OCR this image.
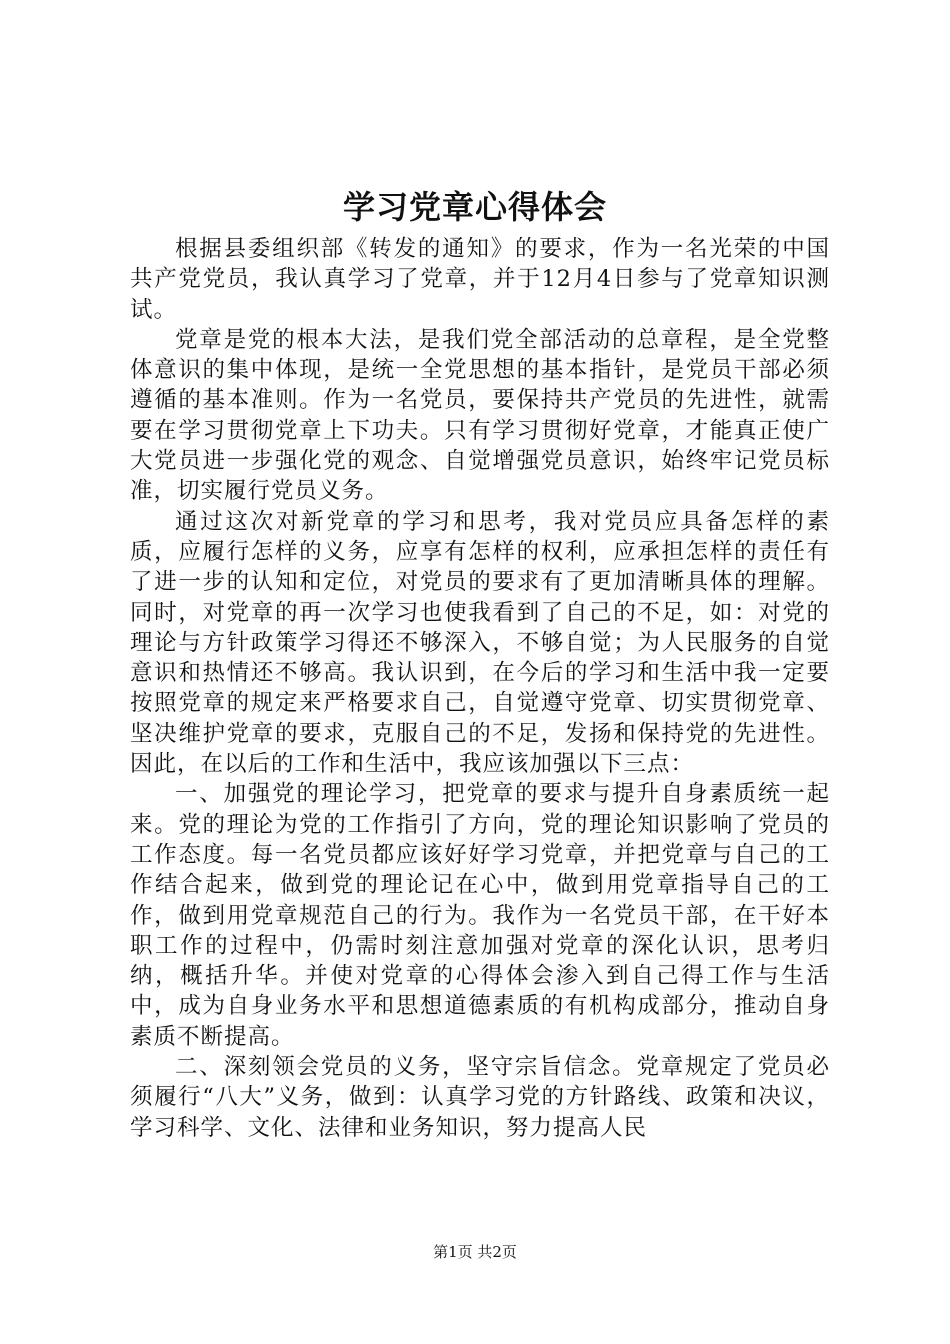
学习党章心得体会

根据县委组织部《转发的通知》的要求，作为一名光荣的中国共产党党员，我认真学习了党章，并于12月4日参与了党章知识测试。

党章是党的根本大法，是我们党全部活动的总章程，是全党整体意识的集中体现，是统一全党思想的基本指针，是党员干部必须遵循的基本准则。作为一名党员，要保持共产党员的先进性，就需要在学习贯彻党章上下功夫。只有学习贯彻好党章，才能真正使广大党员进一步强化党的观念、自觉增强党员意识，始终牢记党员标准，切实履行党员义务。

通过这次对新党章的学习和思考，我对党员应具备怎样的素质，应履行怎样的义务，应享有怎样的权利，应承担怎样的责任有了进一步的认知和定位，对党员的要求有了更加清晰具体的理解。同时，对党章的再一次学习也使我看到了自己的不足，如：对党的理论与方针政策学习得还不够深入，不够自觉；为人民服务的自觉意识和热情还不够高。我认识到，在今后的学习和生活中我一定要按照党章的规定来严格要求自己，自觉遵守党章、切实贯彻党章、坚决维护党章的要求，克服自己的不足，发扬和保持党的先进性。因此，在以后的工作和生活中，我应该加强以下三点：

一、加强党的理论学习，把党章的要求与提升自身素质统一起来。党的理论为党的工作指引了方向，党的理论知识影响了党员的工作态度。每一名党员都应该好好学习党章，并把党章与自己的工作结合起来，做到党的理论记在心中，做到用党章指导自己的工作，做到用党章规范自己的行为。我作为一名党员干部，在干好本职工作的过程中，仍需时刻注意加强对党章的深化认识，思考归纳，概括升华。并使对党章的心得体会渗入到自己得工作与生活中，成为自身业务水平和思想道德素质的有机构成部分，推动自身素质不断提高。

二、深刻领会党员的义务，坚守宗旨信念。党章规定了党员必须履行“八大”义务，做到：认真学习党的方针路线、政策和决议，学习科学、文化、法律和业务知识，努力提高人民

第1页 共2页
